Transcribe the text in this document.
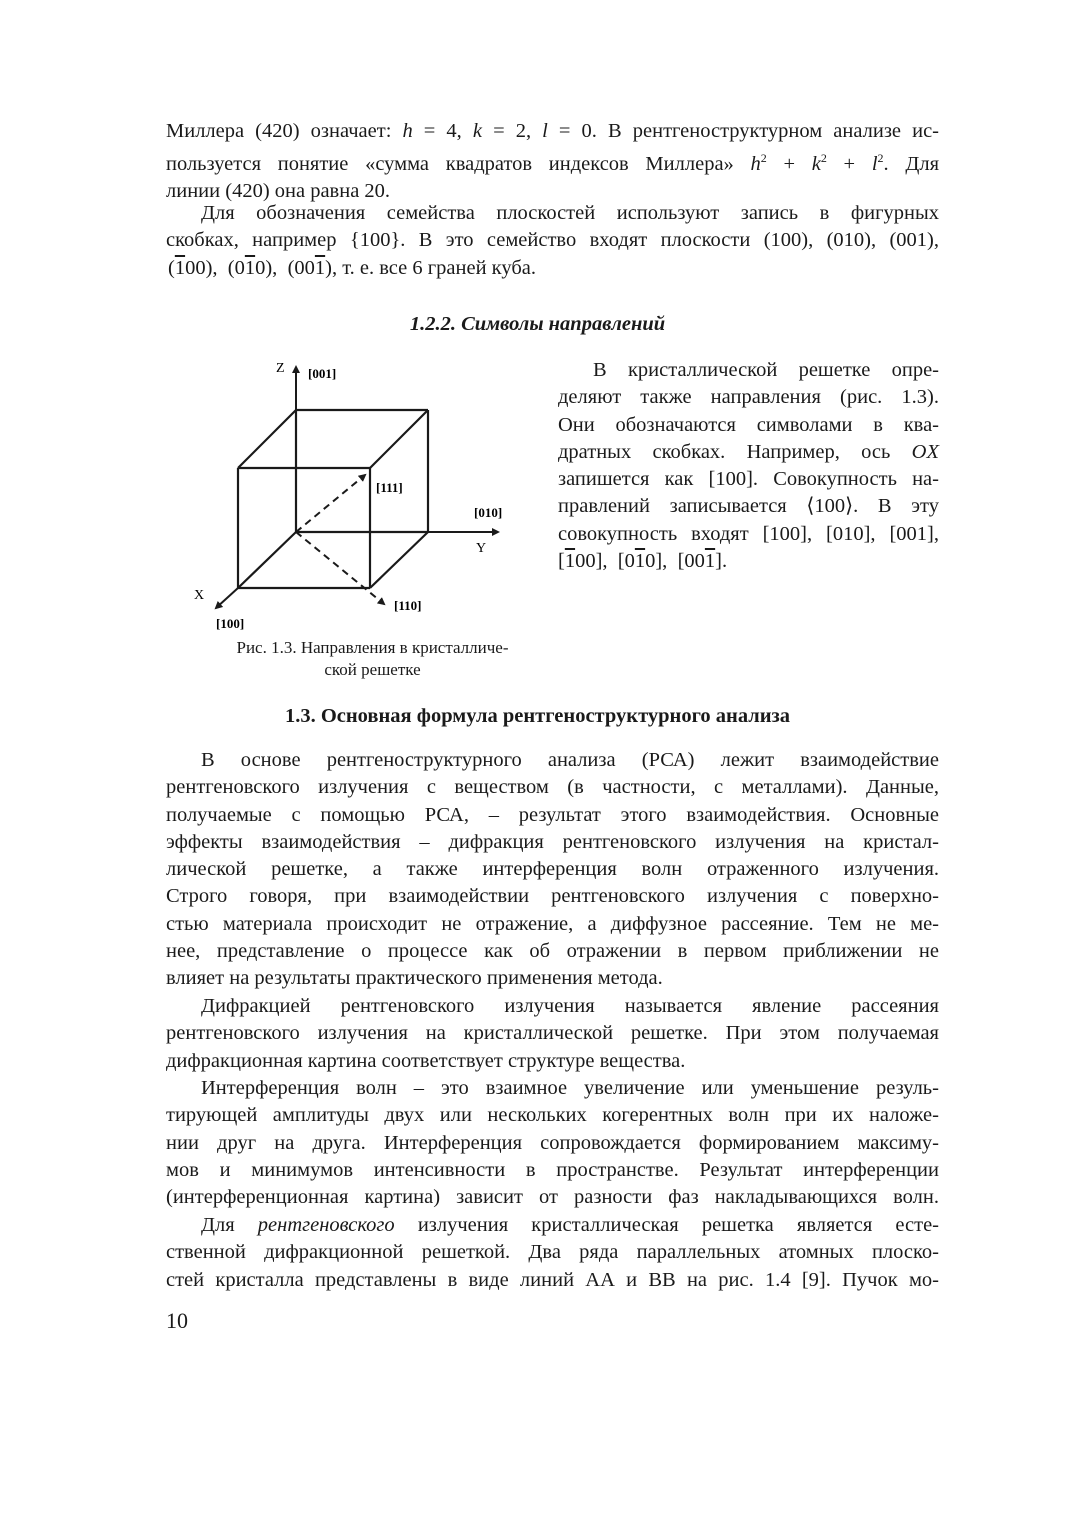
Миллера (420) означает: h = 4, k = 2, l = 0. В рентгеноструктурном анализе ис-
пользуется понятие «сумма квадратов индексов Миллера» $h^2 + k^2 + l^2$. Для
линии (420) она равна 20.
Для обозначения семейства плоскостей используют запись в фигурных
скобках, например {100}. В это семейство входят плоскости (100), (010), (001),
(100), (010), (001), т. е. все 6 граней куба.
1.2.2. Символы направлений
Z [001]
[111]
[010]
Y
X
[110]
[100]
Рис. 1.3. Направления в кристалличе-
ской решетке
В кристаллической решетке опре-
деляют также направления (рис. 1.3).
Они обозначаются символами в ква-
дратных скобках. Например, ось OX
запишется как [100]. Совокупность на-
правлений записывается ⟨100⟩. В эту
совокупность входят [100], [010], [001],
[100], [010], [001].
1.3. Основная формула рентгеноструктурного анализа
В основе рентгеноструктурного анализа (РСА) лежит взаимодействие
рентгеновского излучения с веществом (в частности, с металлами). Данные,
получаемые с помощью РСА, – результат этого взаимодействия. Основные
эффекты взаимодействия – дифракция рентгеновского излучения на кристал-
лической решетке, а также интерференция волн отраженного излучения.
Строго говоря, при взаимодействии рентгеновского излучения с поверхно-
стью материала происходит не отражение, а диффузное рассеяние. Тем не ме-
нее, представление о процессе как об отражении в первом приближении не
влияет на результаты практического применения метода.
Дифракцией рентгеновского излучения называется явление рассеяния
рентгеновского излучения на кристаллической решетке. При этом получаемая
дифракционная картина соответствует структуре вещества.
Интерференция волн – это взаимное увеличение или уменьшение резуль-
тирующей амплитуды двух или нескольких когерентных волн при их наложе-
нии друг на друга. Интерференция сопровождается формированием максиму-
мов и минимумов интенсивности в пространстве. Результат интерференции
(интерференционная картина) зависит от разности фаз накладывающихся волн.
Для рентгеновского излучения кристаллическая решетка является есте-
ственной дифракционной решеткой. Два ряда параллельных атомных плоско-
стей кристалла представлены в виде линий АА и ВВ на рис. 1.4 [9]. Пучок мо-
10
